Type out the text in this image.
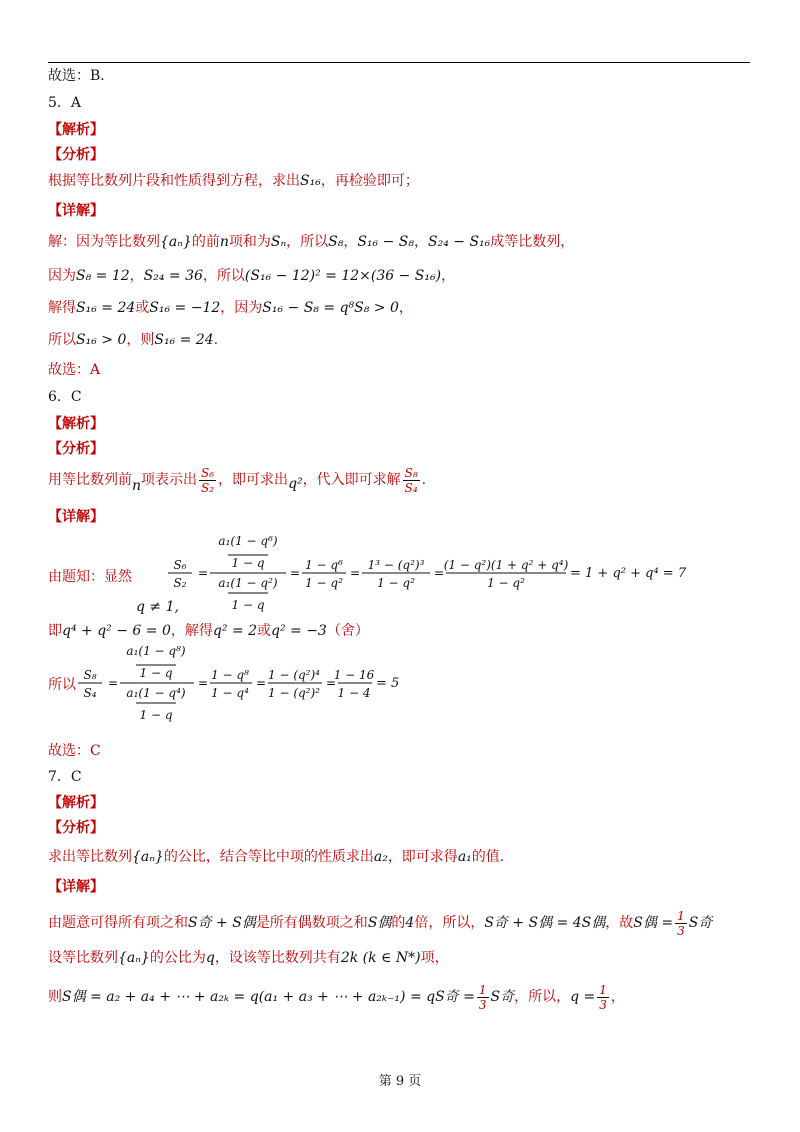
故选：B.

5．A

【解析】

【分析】

根据等比数列片段和性质得到方程，求出S₁₆，再检验即可；

【详解】

解：因为等比数列{aₙ}的前n项和为Sₙ，所以S₈，S₁₆ − S₈，S₂₄ − S₁₆成等比数列，

因为S₈ = 12，S₂₄ = 36，所以(S₁₆ − 12)² = 12×(36 − S₁₆)，

解得S₁₆ = 24或S₁₆ = −12，因为S₁₆ − S₈ = q⁸S₈ > 0，

所以S₁₆ > 0，则S₁₆ = 24.

故选：A

6．C

【解析】

【分析】

用等比数列前 n 项表示出 $\frac{\text{S₆}}{\text{S₂}}$ ，即可求出 q² ，代入即可求解 $\frac{\text{S₈}}{\text{S₄}}$ .

【详解】

由题知：显然
q ≠ 1,
S₆
S₂
=
a₁(1 − q⁶)
1 − q
a₁(1 − q²)
1 − q
=
1 − q⁶
1 − q²
=
1³ − (q²)³
1 − q²
=
(1 − q²)(1 + q² + q⁴)
1 − q²
= 1 + q² + q⁴ = 7

即q⁴ + q² − 6 = 0，解得q² = 2或q² = −3（舍）

所以
S₈
S₄
=
a₁(1 − q⁸)
1 − q
a₁(1 − q⁴)
1 − q
=
1 − q⁸
1 − q⁴
=
1 − (q²)⁴
1 − (q²)²
=
1 − 16
1 − 4
= 5

故选：C

7．C

【解析】

【分析】

求出等比数列{aₙ}的公比，结合等比中项的性质求出a₂，即可求得a₁的值.

【详解】

由题意可得所有项之和 S奇 + S偶 是所有偶数项之和 S偶 的 4 倍，所以， S奇 + S偶 = 4S偶 ，故 S偶 = $\frac{1}{3}$ S奇

设等比数列{aₙ}的公比为q，设该等比数列共有2k (k ∈ N*)项，

则 S偶 = a₂ + a₄ + ⋯ + a₂ₖ = q(a₁ + a₃ + ⋯ + a₂ₖ₋₁) = qS奇 = $\frac{1}{3}$ S奇 ，所以， $q = \frac{1}{3}$ ，
第 9 页
